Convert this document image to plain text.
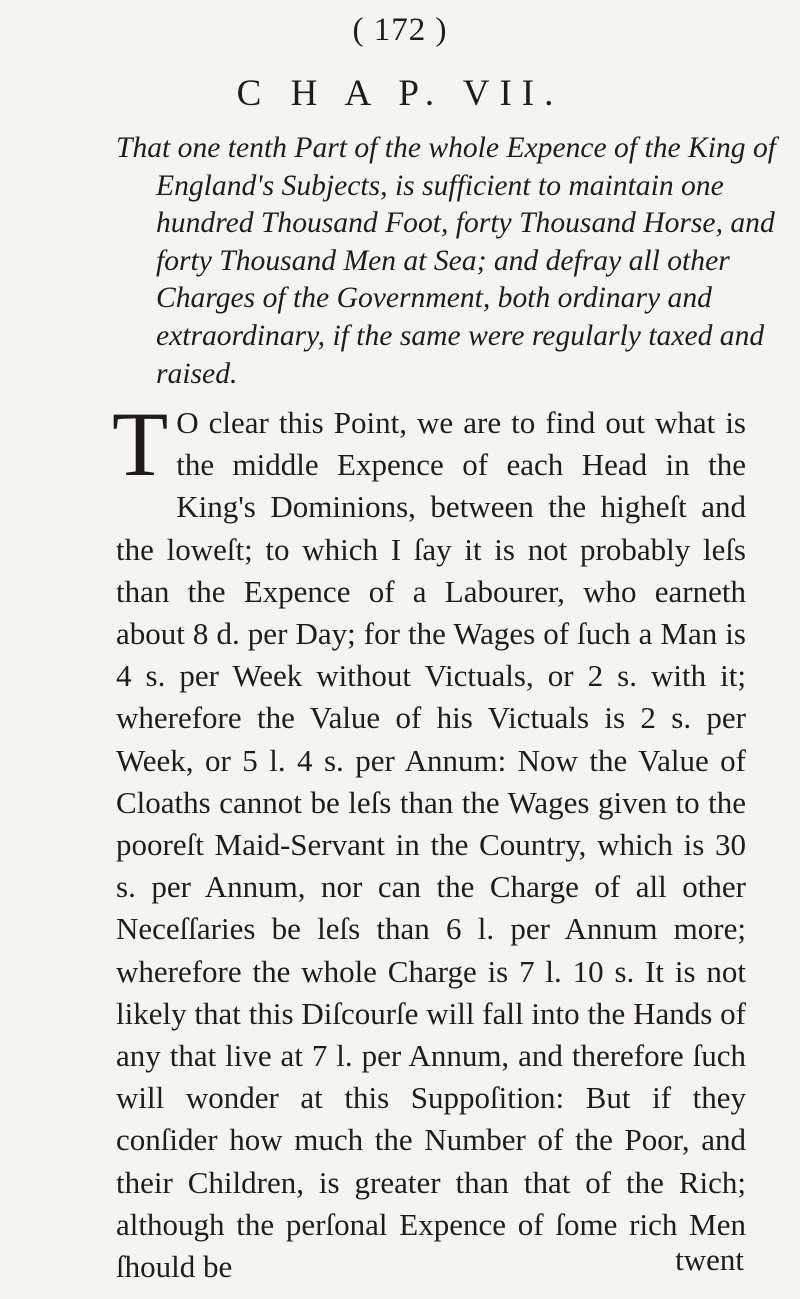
( 172 )
C H A P. VII.

That one tenth Part of the whole Expence of the King of England's Subjects, is sufficient to maintain one hundred Thousand Foot, forty Thousand Horse, and forty Thousand Men at Sea; and defray all other Charges of the Government, both ordinary and extraordinary, if the same were regularly taxed and raised.

T O clear this Point, we are to find out what is the middle Expence of each Head in the King's Dominions, between the higheſt and the loweſt; to which I ſay it is not probably leſs than the Expence of a Labourer, who earneth about 8 d. per Day; for the Wages of ſuch a Man is 4 s. per Week without Victuals, or 2 s. with it; wherefore the Value of his Victuals is 2 s. per Week, or 5 l. 4 s. per Annum: Now the Value of Cloaths cannot be leſs than the Wages given to the pooreſt Maid-Servant in the Country, which is 30 s. per Annum, nor can the Charge of all other Neceſſaries be leſs than 6 l. per Annum more; wherefore the whole Charge is 7 l. 10 s. It is not likely that this Diſcourſe will fall into the Hands of any that live at 7 l. per Annum, and therefore ſuch will wonder at this Suppoſition: But if they conſider how much the Number of the Poor, and their Children, is greater than that of the Rich; although the perſonal Expence of ſome rich Men ſhould be	twent
